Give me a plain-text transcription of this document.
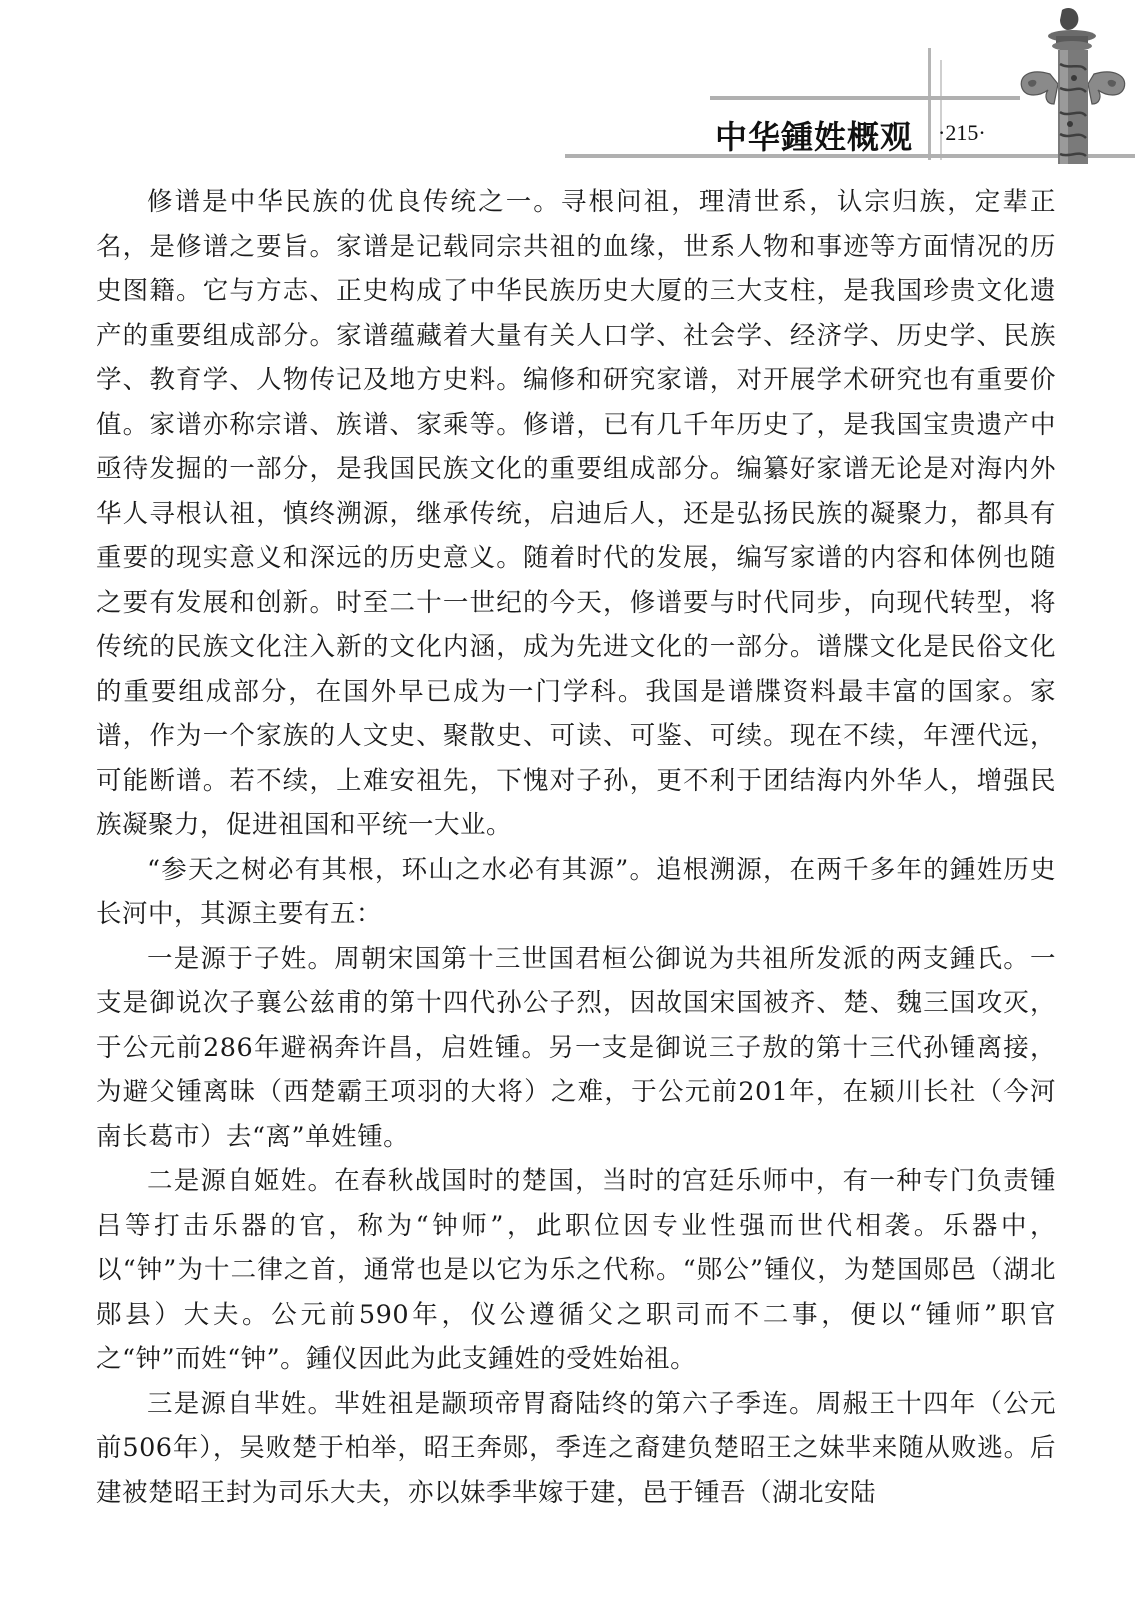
中华鍾姓概观 ·215·

修谱是中华民族的优良传统之一。寻根问祖，理清世系，认宗归族，定辈正名，是修谱之要旨。家谱是记载同宗共祖的血缘，世系人物和事迹等方面情况的历史图籍。它与方志、正史构成了中华民族历史大厦的三大支柱，是我国珍贵文化遗产的重要组成部分。家谱蕴藏着大量有关人口学、社会学、经济学、历史学、民族学、教育学、人物传记及地方史料。编修和研究家谱，对开展学术研究也有重要价值。家谱亦称宗谱、族谱、家乘等。修谱，已有几千年历史了，是我国宝贵遗产中亟待发掘的一部分，是我国民族文化的重要组成部分。编纂好家谱无论是对海内外华人寻根认祖，慎终溯源，继承传统，启迪后人，还是弘扬民族的凝聚力，都具有重要的现实意义和深远的历史意义。随着时代的发展，编写家谱的内容和体例也随之要有发展和创新。时至二十一世纪的今天，修谱要与时代同步，向现代转型，将传统的民族文化注入新的文化内涵，成为先进文化的一部分。谱牒文化是民俗文化的重要组成部分，在国外早已成为一门学科。我国是谱牒资料最丰富的国家。家谱，作为一个家族的人文史、聚散史、可读、可鉴、可续。现在不续，年湮代远，可能断谱。若不续，上难安祖先，下愧对子孙，更不利于团结海内外华人，增强民族凝聚力，促进祖国和平统一大业。

“参天之树必有其根，环山之水必有其源”。追根溯源，在两千多年的鍾姓历史长河中，其源主要有五：

一是源于子姓。周朝宋国第十三世国君桓公御说为共祖所发派的两支鍾氏。一支是御说次子襄公兹甫的第十四代孙公子烈，因故国宋国被齐、楚、魏三国攻灭，于公元前286年避祸奔许昌，启姓锺。另一支是御说三子敖的第十三代孙锺离接，为避父锺离昧（西楚霸王项羽的大将）之难，于公元前201年，在颍川长社（今河南长葛市）去“离”单姓锺。

二是源自姬姓。在春秋战国时的楚国，当时的宫廷乐师中，有一种专门负责锺吕等打击乐器的官，称为“钟师”，此职位因专业性强而世代相袭。乐器中，以“钟”为十二律之首，通常也是以它为乐之代称。“郧公”锺仪，为楚国郧邑（湖北郧县）大夫。公元前590年，仪公遵循父之职司而不二事，便以“锺师”职官之“钟”而姓“钟”。鍾仪因此为此支鍾姓的受姓始祖。

三是源自芈姓。芈姓祖是颛顼帝胃裔陆终的第六子季连。周赧王十四年（公元前506年），吴败楚于柏举，昭王奔郧，季连之裔建负楚昭王之妹芈来随从败逃。后建被楚昭王封为司乐大夫，亦以妹季芈嫁于建，邑于锺吾（湖北安陆
